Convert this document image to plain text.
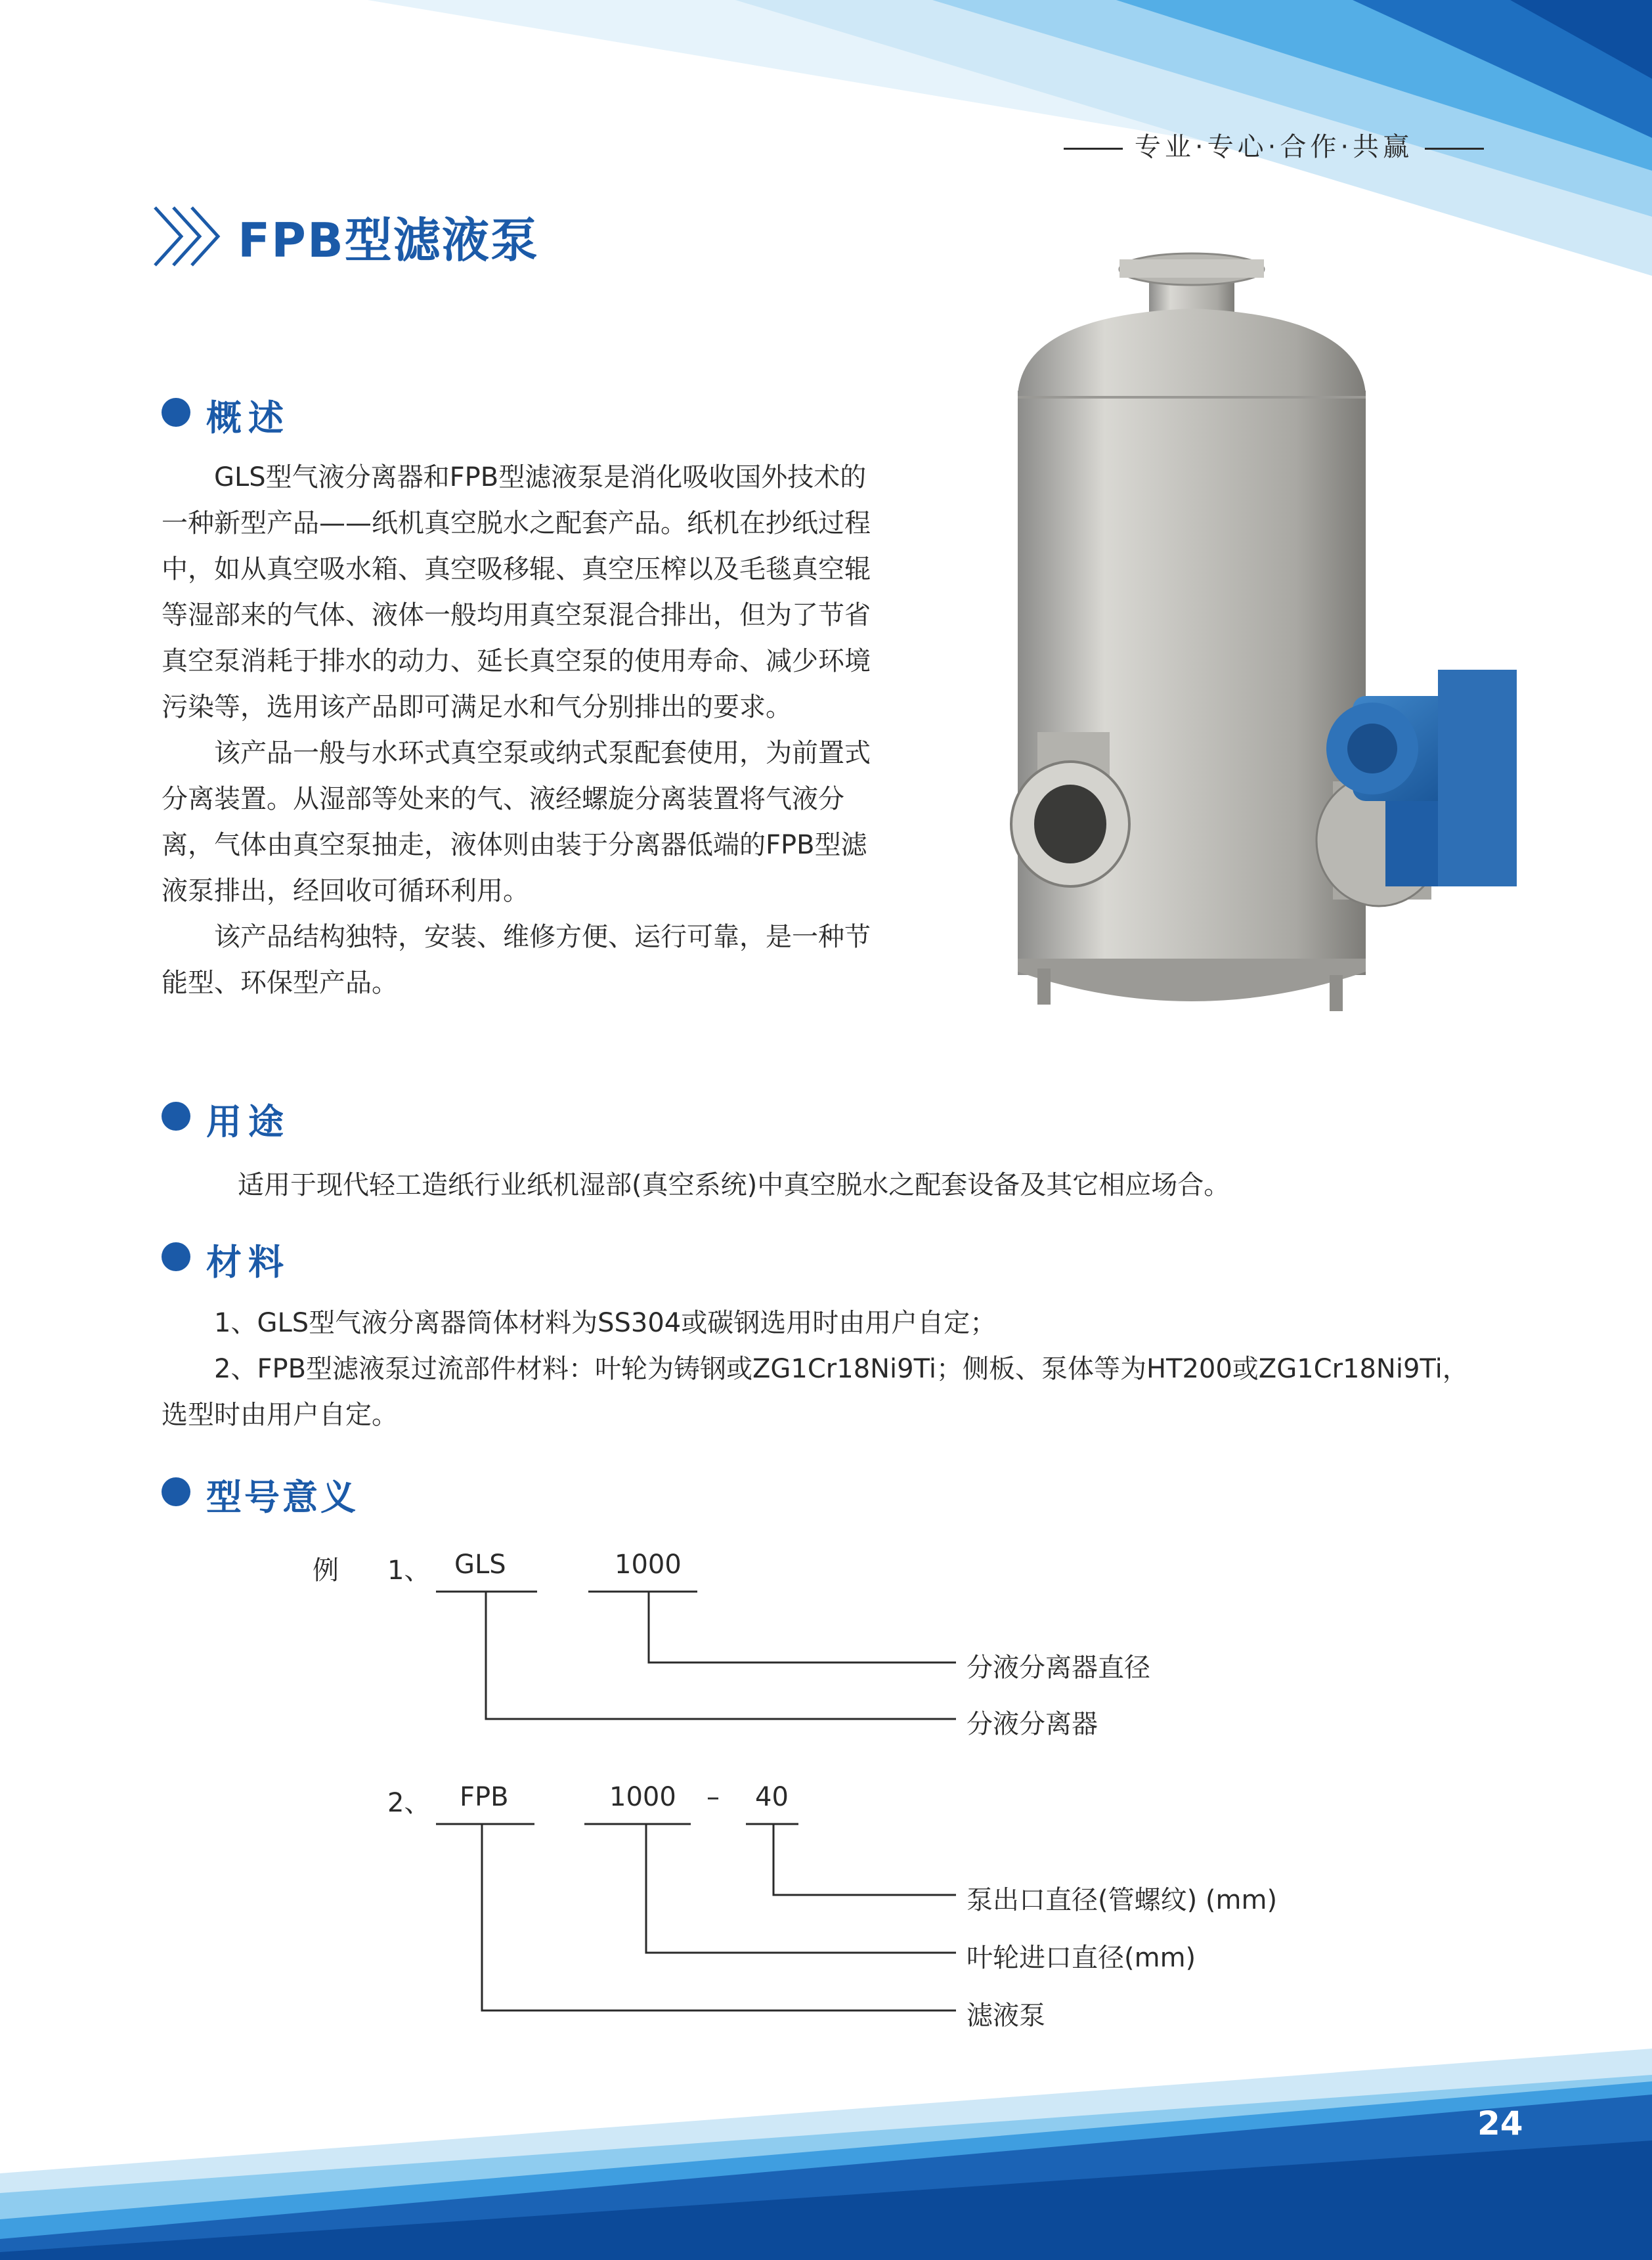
专业·专心·合作·共赢
FPB型滤液泵
概述

GLS型气液分离器和FPB型滤液泵是消化吸收国外技术的一种新型产品——纸机真空脱水之配套产品。纸机在抄纸过程中，如从真空吸水箱、真空吸移辊、真空压榨以及毛毯真空辊等湿部来的气体、液体一般均用真空泵混合排出，但为了节省真空泵消耗于排水的动力、延长真空泵的使用寿命、减少环境污染等，选用该产品即可满足水和气分别排出的要求。

该产品一般与水环式真空泵或纳式泵配套使用，为前置式分离装置。从湿部等处来的气、液经螺旋分离装置将气液分离，气体由真空泵抽走，液体则由装于分离器低端的FPB型滤液泵排出，经回收可循环利用。

该产品结构独特，安装、维修方便、运行可靠，是一种节能型、环保型产品。

用途
适用于现代轻工造纸行业纸机湿部(真空系统)中真空脱水之配套设备及其它相应场合。
材料

1、GLS型气液分离器筒体材料为SS304或碳钢选用时由用户自定；

2、FPB型滤液泵过流部件材料：叶轮为铸钢或ZG1Cr18Ni9Ti；侧板、泵体等为HT200或ZG1Cr18Ni9Ti，选型时由用户自定。

型号意义
例 1、 GLS	1000
分液分离器直径
分液分离器
2、 FPB	1000 – 40
泵出口直径(管螺纹) (mm)
叶轮进口直径(mm)
滤液泵
24
